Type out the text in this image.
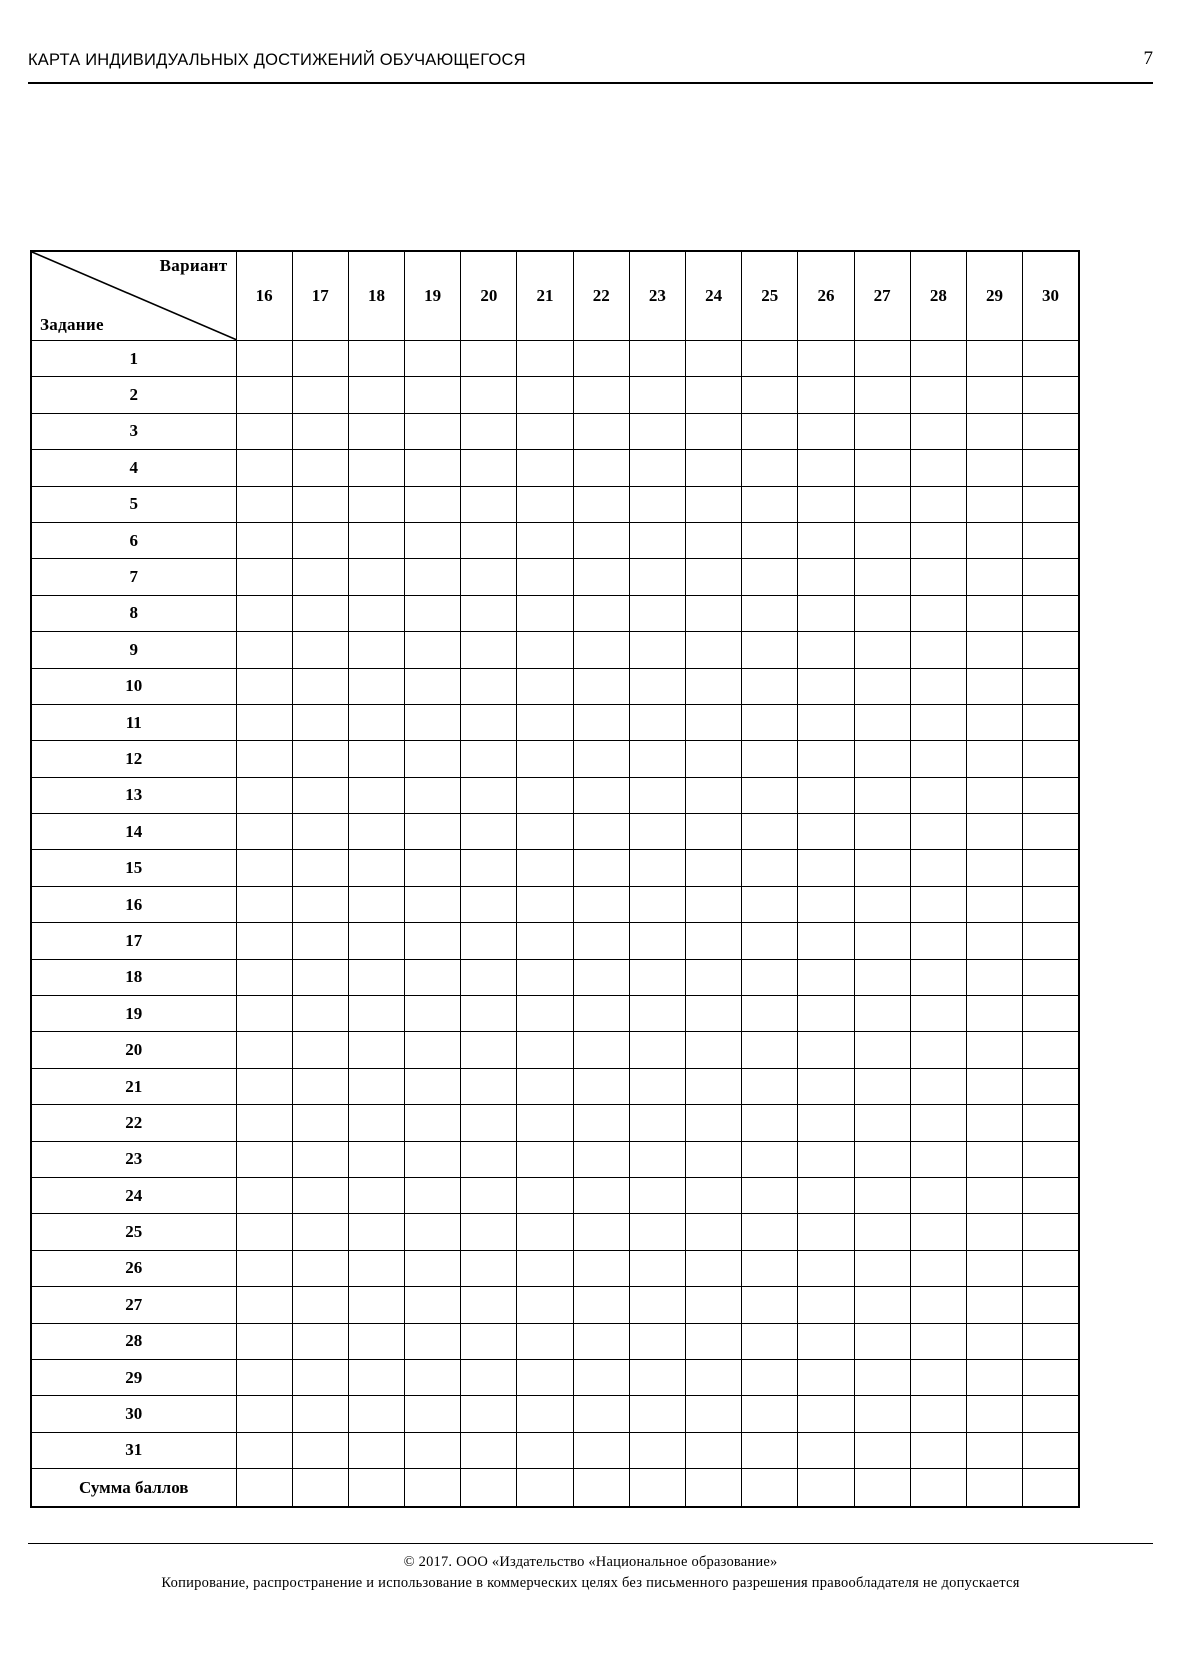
КАРТА ИНДИВИДУАЛЬНЫХ ДОСТИЖЕНИЙ ОБУЧАЮЩЕГОСЯ	7
Вариант
Задание	16	17	18	19	20	21	22	23	24	25	26	27	28	29	30
1															
2															
3															
4															
5															
6															
7															
8															
9															
10															
11															
12															
13															
14															
15															
16															
17															
18															
19															
20															
21															
22															
23															
24															
25															
26															
27															
28															
29															
30															
31															
Сумма баллов															
© 2017. ООО «Издательство «Национальное образование»
Копирование, распространение и использование в коммерческих целях без письменного разрешения правообладателя не допускается
